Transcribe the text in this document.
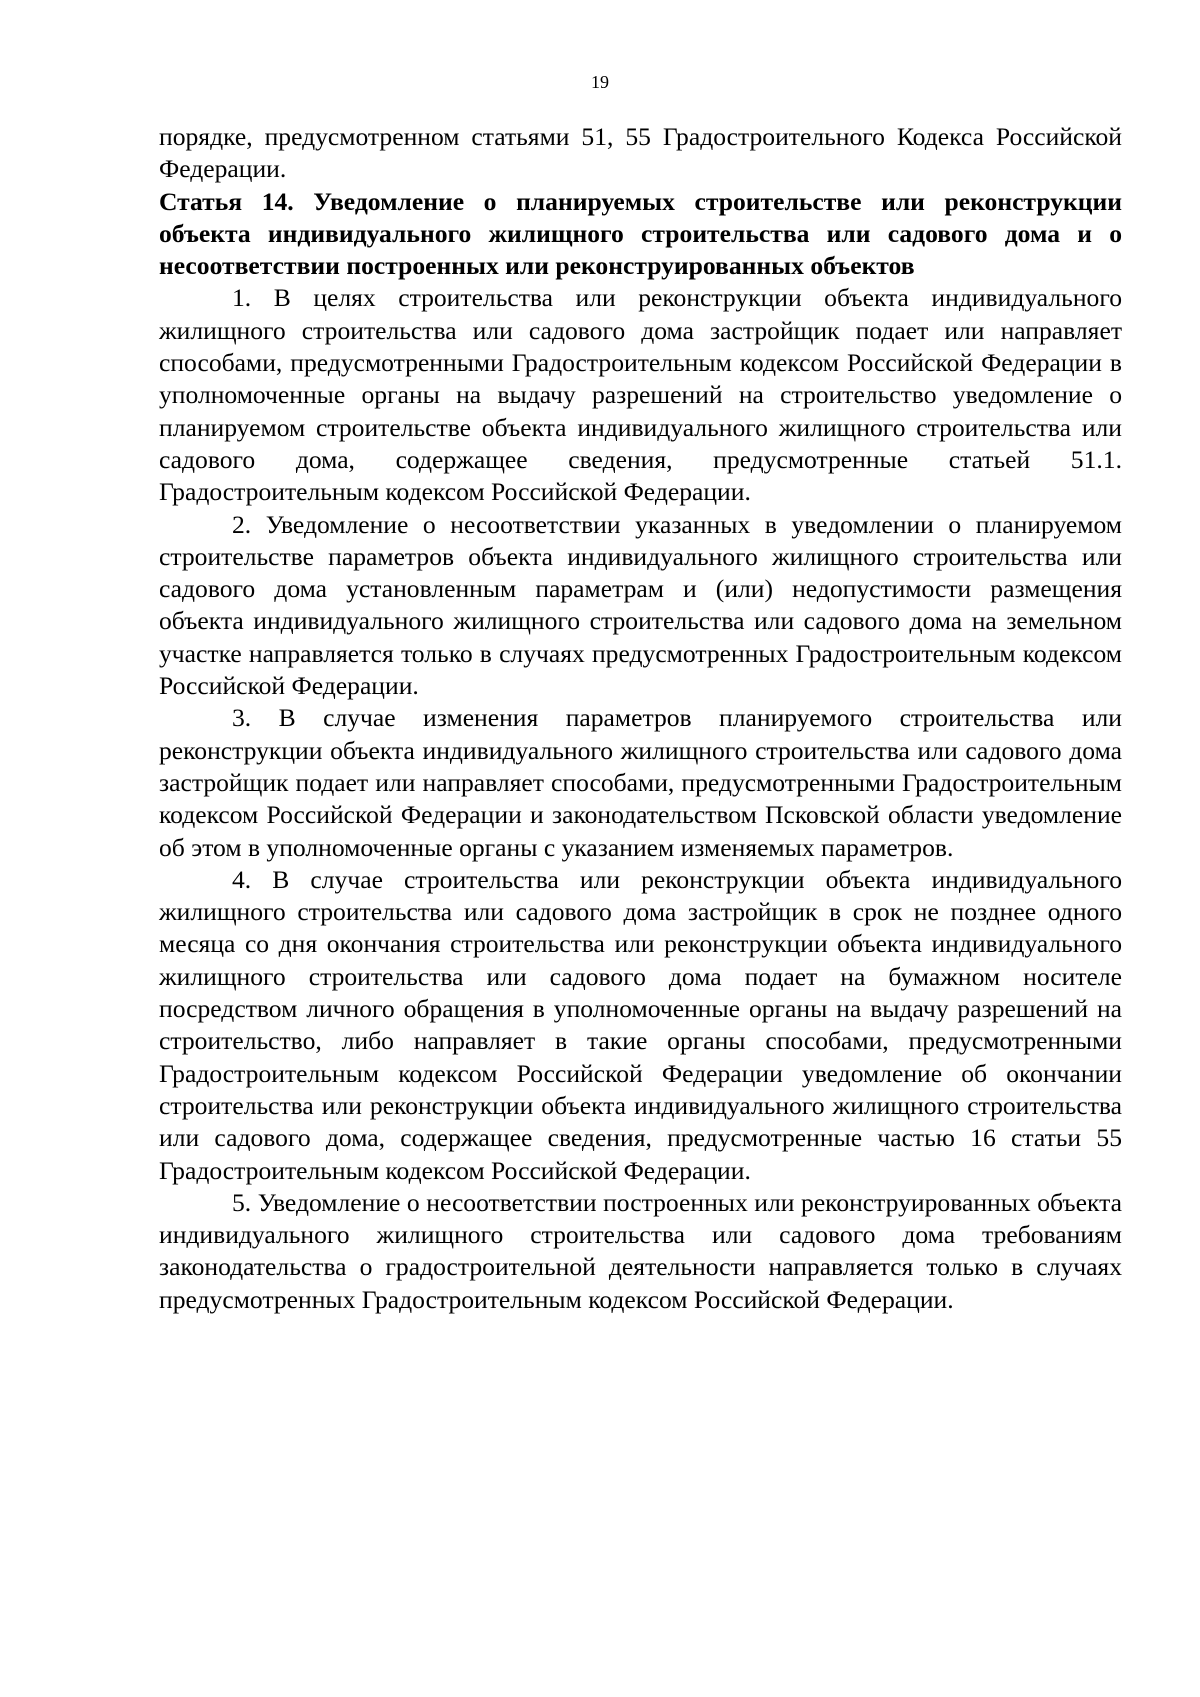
19

порядке, предусмотренном статьями 51, 55 Градостроительного Кодекса Российской Федерации.

Статья 14. Уведомление о планируемых строительстве или реконструкции объекта индивидуального жилищного строительства или садового дома и о несоответствии построенных или реконструированных объектов

1. В целях строительства или реконструкции объекта индивидуального жилищного строительства или садового дома застройщик подает или направляет способами, предусмотренными Градостроительным кодексом Российской Федерации в уполномоченные органы на выдачу разрешений на строительство уведомление о планируемом строительстве объекта индивидуального жилищного строительства или садового дома, содержащее сведения, предусмотренные статьей 51.1. Градостроительным кодексом Российской Федерации.

2. Уведомление о несоответствии указанных в уведомлении о планируемом строительстве параметров объекта индивидуального жилищного строительства или садового дома установленным параметрам и (или) недопустимости размещения объекта индивидуального жилищного строительства или садового дома на земельном участке направляется только в случаях предусмотренных Градостроительным кодексом Российской Федерации.

3. В случае изменения параметров планируемого строительства или реконструкции объекта индивидуального жилищного строительства или садового дома застройщик подает или направляет способами, предусмотренными Градостроительным кодексом Российской Федерации и законодательством Псковской области уведомление об этом в уполномоченные органы с указанием изменяемых параметров.

4. В случае строительства или реконструкции объекта индивидуального жилищного строительства или садового дома застройщик в срок не позднее одного месяца со дня окончания строительства или реконструкции объекта индивидуального жилищного строительства или садового дома подает на бумажном носителе посредством личного обращения в уполномоченные органы на выдачу разрешений на строительство, либо направляет в такие органы способами, предусмотренными Градостроительным кодексом Российской Федерации уведомление об окончании строительства или реконструкции объекта индивидуального жилищного строительства или садового дома, содержащее сведения, предусмотренные частью 16 статьи 55 Градостроительным кодексом Российской Федерации.

5. Уведомление о несоответствии построенных или реконструированных объекта индивидуального жилищного строительства или садового дома требованиям законодательства о градостроительной деятельности направляется только в случаях предусмотренных Градостроительным кодексом Российской Федерации.
